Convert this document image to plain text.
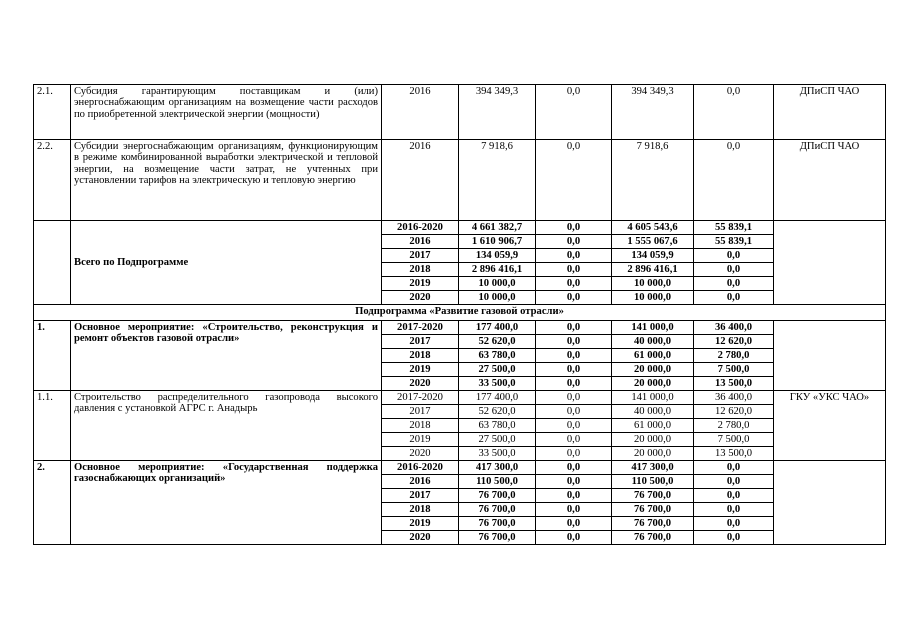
2.1.	Субсидия гарантирующим поставщикам и (или) энергоснабжающим организациям на возмещение части расходов по приобретенной электрической энергии (мощности)	2016	394 349,3	0,0	394 349,3	0,0	ДПиСП ЧАО
2.2.	Субсидии энергоснабжающим организациям, функционирующим в режиме комбинированной выработки электрической и тепловой энергии, на возмещение части затрат, не учтенных при установлении тарифов на электрическую и тепловую энергию	2016	7 918,6	0,0	7 918,6	0,0	ДПиСП ЧАО
	Всего по Подпрограмме	2016-2020	4 661 382,7	0,0	4 605 543,6	55 839,1	
		2016	1 610 906,7	0,0	1 555 067,6	55 839,1	
		2017	134 059,9	0,0	134 059,9	0,0	
		2018	2 896 416,1	0,0	2 896 416,1	0,0	
		2019	10 000,0	0,0	10 000,0	0,0	
		2020	10 000,0	0,0	10 000,0	0,0	
Подпрограмма «Развитие газовой отрасли»							
1.	Основное мероприятие: «Строительство, реконструкция и ремонт объектов газовой отрасли»	2017-2020	177 400,0	0,0	141 000,0	36 400,0	
		2017	52 620,0	0,0	40 000,0	12 620,0	
		2018	63 780,0	0,0	61 000,0	2 780,0	
		2019	27 500,0	0,0	20 000,0	7 500,0	
		2020	33 500,0	0,0	20 000,0	13 500,0	
1.1.	Строительство распределительного газопровода высокого давления с установкой АГРС г. Анадырь	2017-2020	177 400,0	0,0	141 000,0	36 400,0	ГКУ «УКС ЧАО»
		2017	52 620,0	0,0	40 000,0	12 620,0	
		2018	63 780,0	0,0	61 000,0	2 780,0	
		2019	27 500,0	0,0	20 000,0	7 500,0	
		2020	33 500,0	0,0	20 000,0	13 500,0	
2.	Основное мероприятие: «Государственная поддержка газоснабжающих организаций»	2016-2020	417 300,0	0,0	417 300,0	0,0	
		2016	110 500,0	0,0	110 500,0	0,0	
		2017	76 700,0	0,0	76 700,0	0,0	
		2018	76 700,0	0,0	76 700,0	0,0	
		2019	76 700,0	0,0	76 700,0	0,0	
		2020	76 700,0	0,0	76 700,0	0,0	
